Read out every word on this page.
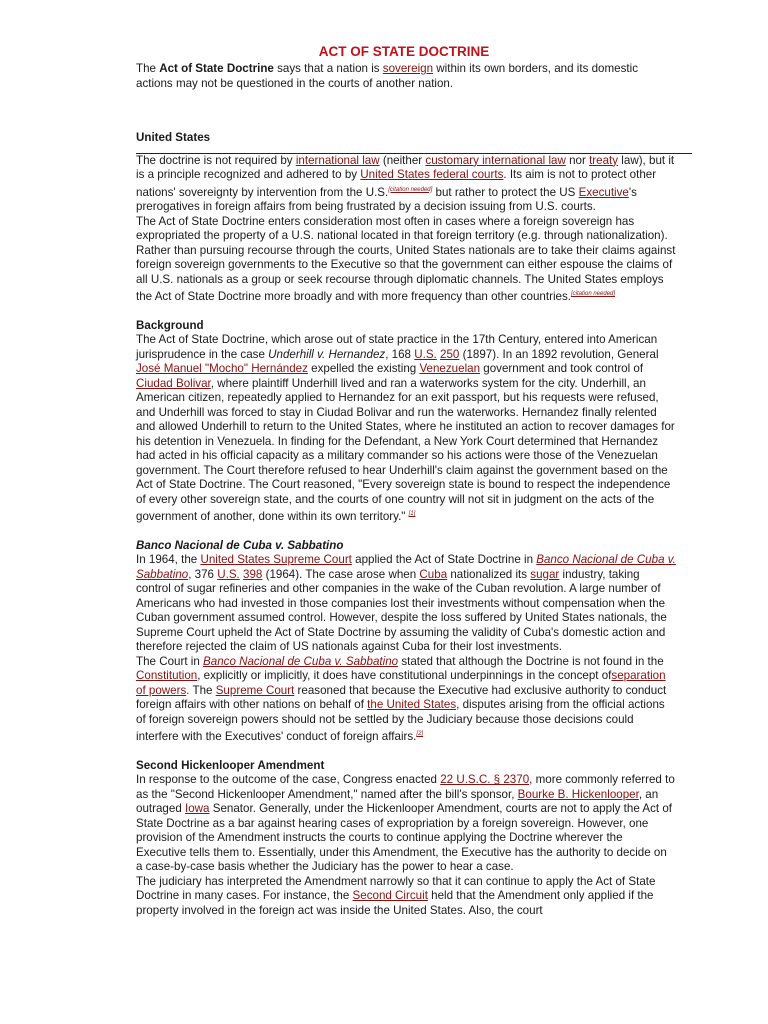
ACT OF STATE DOCTRINE

The Act of State Doctrine says that a nation is sovereign within its own borders, and its domestic actions may not be questioned in the courts of another nation.

United States

The doctrine is not required by international law (neither customary international law nor treaty law), but it is a principle recognized and adhered to by United States federal courts. Its aim is not to protect other nations' sovereignty by intervention from the U.S.[citation needed] but rather to protect the US Executive's prerogatives in foreign affairs from being frustrated by a decision issuing from U.S. courts.

The Act of State Doctrine enters consideration most often in cases where a foreign sovereign has expropriated the property of a U.S. national located in that foreign territory (e.g. through nationalization). Rather than pursuing recourse through the courts, United States nationals are to take their claims against foreign sovereign governments to the Executive so that the government can either espouse the claims of all U.S. nationals as a group or seek recourse through diplomatic channels. The United States employs the Act of State Doctrine more broadly and with more frequency than other countries.[citation needed]

Background

The Act of State Doctrine, which arose out of state practice in the 17th Century, entered into American jurisprudence in the case Underhill v. Hernandez, 168 U.S. 250 (1897). In an 1892 revolution, General José Manuel "Mocho" Hernández expelled the existing Venezuelan government and took control of Ciudad Bolivar, where plaintiff Underhill lived and ran a waterworks system for the city. Underhill, an American citizen, repeatedly applied to Hernandez for an exit passport, but his requests were refused, and Underhill was forced to stay in Ciudad Bolivar and run the waterworks. Hernandez finally relented and allowed Underhill to return to the United States, where he instituted an action to recover damages for his detention in Venezuela. In finding for the Defendant, a New York Court determined that Hernandez had acted in his official capacity as a military commander so his actions were those of the Venezuelan government. The Court therefore refused to hear Underhill's claim against the government based on the Act of State Doctrine. The Court reasoned, "Every sovereign state is bound to respect the independence of every other sovereign state, and the courts of one country will not sit in judgment on the acts of the government of another, done within its own territory." [1]

Banco Nacional de Cuba v. Sabbatino

In 1964, the United States Supreme Court applied the Act of State Doctrine in Banco Nacional de Cuba v. Sabbatino, 376 U.S. 398 (1964). The case arose when Cuba nationalized its sugar industry, taking control of sugar refineries and other companies in the wake of the Cuban revolution. A large number of Americans who had invested in those companies lost their investments without compensation when the Cuban government assumed control. However, despite the loss suffered by United States nationals, the Supreme Court upheld the Act of State Doctrine by assuming the validity of Cuba's domestic action and therefore rejected the claim of US nationals against Cuba for their lost investments.

The Court in Banco Nacional de Cuba v. Sabbatino stated that although the Doctrine is not found in the Constitution, explicitly or implicitly, it does have constitutional underpinnings in the concept ofseparation of powers. The Supreme Court reasoned that because the Executive had exclusive authority to conduct foreign affairs with other nations on behalf of the United States, disputes arising from the official actions of foreign sovereign powers should not be settled by the Judiciary because those decisions could interfere with the Executives' conduct of foreign affairs.[2]

Second Hickenlooper Amendment

In response to the outcome of the case, Congress enacted 22 U.S.C. § 2370, more commonly referred to as the "Second Hickenlooper Amendment," named after the bill's sponsor, Bourke B. Hickenlooper, an outraged Iowa Senator. Generally, under the Hickenlooper Amendment, courts are not to apply the Act of State Doctrine as a bar against hearing cases of expropriation by a foreign sovereign. However, one provision of the Amendment instructs the courts to continue applying the Doctrine wherever the Executive tells them to. Essentially, under this Amendment, the Executive has the authority to decide on a case-by-case basis whether the Judiciary has the power to hear a case.

The judiciary has interpreted the Amendment narrowly so that it can continue to apply the Act of State Doctrine in many cases. For instance, the Second Circuit held that the Amendment only applied if the property involved in the foreign act was inside the United States. Also, the court
